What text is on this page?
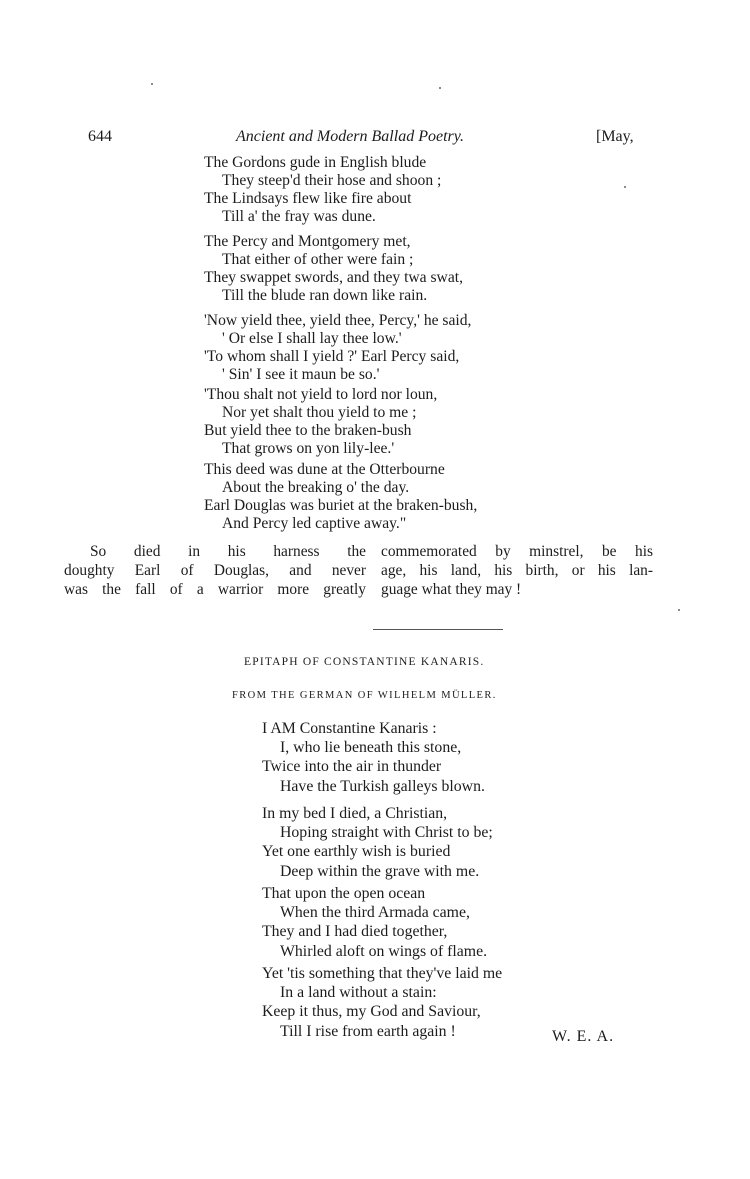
644	Ancient and Modern Ballad Poetry.	[May,
The Gordons gude in English blude
They steep'd their hose and shoon ;
The Lindsays flew like fire about
Till a' the fray was dune.
The Percy and Montgomery met,
That either of other were fain ;
They swappet swords, and they twa swat,
Till the blude ran down like rain.
'Now yield thee, yield thee, Percy,' he said,
' Or else I shall lay thee low.'
'To whom shall I yield ?' Earl Percy said,
' Sin' I see it maun be so.'
'Thou shalt not yield to lord nor loun,
Nor yet shalt thou yield to me ;
But yield thee to the braken-bush
That grows on yon lily-lee.'
This deed was dune at the Otterbourne
About the breaking o' the day.
Earl Douglas was buriet at the braken-bush,
And Percy led captive away."
So died in his harness the
doughty Earl of Douglas, and never
was the fall of a warrior more greatly
commemorated by minstrel, be his
age, his land, his birth, or his lan-
guage what they may !
EPITAPH OF CONSTANTINE KANARIS.
FROM THE GERMAN OF WILHELM MÜLLER.
I AM Constantine Kanaris :
I, who lie beneath this stone,
Twice into the air in thunder
Have the Turkish galleys blown.
In my bed I died, a Christian,
Hoping straight with Christ to be;
Yet one earthly wish is buried
Deep within the grave with me.
That upon the open ocean
When the third Armada came,
They and I had died together,
Whirled aloft on wings of flame.
Yet 'tis something that they've laid me
In a land without a stain:
Keep it thus, my God and Saviour,
Till I rise from earth again !	W. E. A.
